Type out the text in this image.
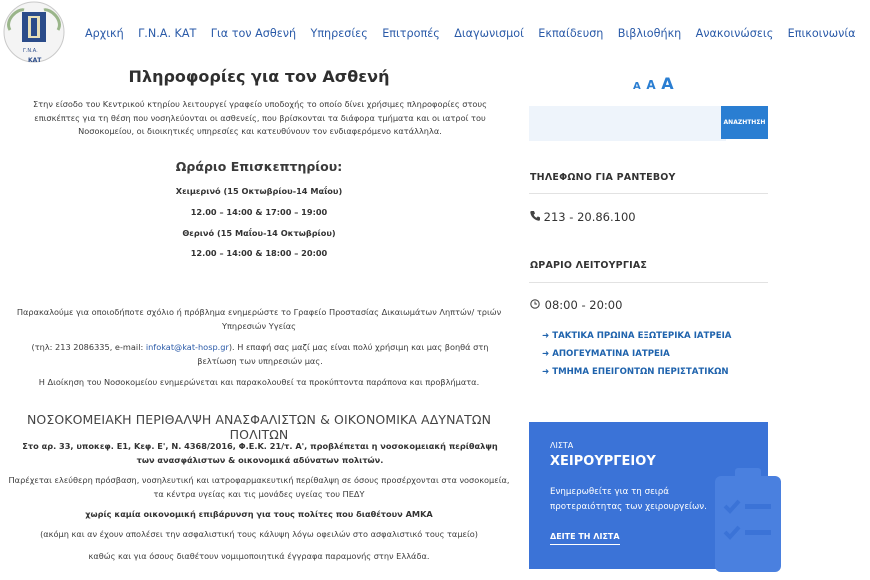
Γ.Ν.Α.
ΚΑΤ
Αρχική Γ.Ν.Α. ΚΑΤ Για τον Ασθενή Υπηρεσίες Επιτροπές Διαγωνισμοί Εκπαίδευση Βιβλιοθήκη Ανακοινώσεις Επικοινωνία
Πληροφορίες για τον Ασθενή
Στην είσοδο του Κεντρικού κτηρίου λειτουργεί γραφείο υποδοχής το οποίο δίνει χρήσιμες πληροφορίες στους επισκέπτες για τη θέση που νοσηλεύονται οι ασθενείς, που βρίσκονται τα διάφορα τμήματα και οι ιατροί του Νοσοκομείου, οι διοικητικές υπηρεσίες και κατευθύνουν τον ενδιαφερόμενο κατάλληλα.
Ωράριο Επισκεπτηρίου:
Χειμερινό (15 Οκτωβρίου-14 Μαΐου)
12.00 – 14:00 & 17:00 – 19:00
Θερινό (15 Μαΐου-14 Οκτωβρίου)
12.00 – 14:00 & 18:00 – 20:00
Παρακαλούμε για οποιοδήποτε σχόλιο ή πρόβλημα ενημερώστε το Γραφείο Προστασίας Δικαιωμάτων Ληπτών/ τριών Υπηρεσιών Υγείας
(τηλ: 213 2086335, e-mail: infokat@kat-hosp.gr). Η επαφή σας μαζί μας είναι πολύ χρήσιμη και μας βοηθά στη βελτίωση των υπηρεσιών μας.
Η Διοίκηση του Νοσοκομείου ενημερώνεται και παρακολουθεί τα προκύπτοντα παράπονα και προβλήματα.
ΝΟΣΟΚΟΜΕΙΑΚΗ ΠΕΡΙΘΑΛΨΗ ΑΝΑΣΦΑΛΙΣΤΩΝ & ΟΙΚΟΝΟΜΙΚΑ ΑΔΥΝΑΤΩΝ ΠΟΛΙΤΩΝ
Στο αρ. 33, υποκεφ. Ε1, Κεφ. Ε', Ν. 4368/2016, Φ.Ε.Κ. 21/τ. Α', προβλέπεται η νοσοκομειακή περίθαλψη των ανασφάλιστων & οικονομικά αδύνατων πολιτών.
Παρέχεται ελεύθερη πρόσβαση, νοσηλευτική και ιατροφαρμακευτική περίθαλψη σε όσους προσέρχονται στα νοσοκομεία, τα κέντρα υγείας και τις μονάδες υγείας του ΠΕΔΥ
χωρίς καμία οικονομική επιβάρυνση για τους πολίτες που διαθέτουν ΑΜΚΑ
(ακόμη και αν έχουν απολέσει την ασφαλιστική τους κάλυψη λόγω οφειλών στο ασφαλιστικό τους ταμείο)
καθώς και για όσους διαθέτουν νομιμοποιητικά έγγραφα παραμονής στην Ελλάδα.
A A A
ΑΝΑΖΗΤΗΣΗ
ΤΗΛΕΦΩΝΟ ΓΙΑ ΡΑΝΤΕΒΟΥ
213 - 20.86.100
ΩΡΑΡΙΟ ΛΕΙΤΟΥΡΓΙΑΣ
08:00 - 20:00
➜ ΤΑΚΤΙΚΑ ΠΡΩΙΝΑ ΕΞΩΤΕΡΙΚΑ ΙΑΤΡΕΙΑ
➜ ΑΠΟΓΕΥΜΑΤΙΝΑ ΙΑΤΡΕΙΑ
➜ ΤΜΗΜΑ ΕΠΕΙΓΟΝΤΩΝ ΠΕΡΙΣΤΑΤΙΚΩΝ
ΛΙΣΤΑ
ΧΕΙΡΟΥΡΓΕΙΟΥ
Ενημερωθείτε για τη σειρά προτεραιότητας των χειρουργείων.
ΔΕΙΤΕ ΤΗ ΛΙΣΤΑ
